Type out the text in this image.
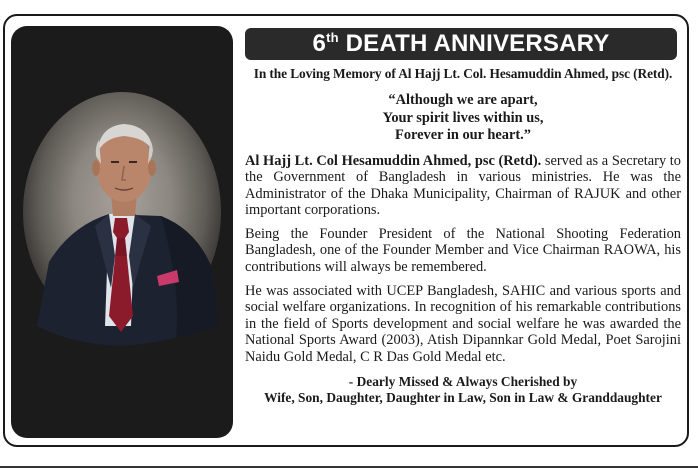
6th DEATH ANNIVERSARY

In the Loving Memory of Al Hajj Lt. Col. Hesamuddin Ahmed, psc (Retd).

“Although we are apart,
Your spirit lives within us,
Forever in our heart.”

Al Hajj Lt. Col Hesamuddin Ahmed, psc (Retd). served as a Secretary to the Government of Bangladesh in various ministries. He was the Administrator of the Dhaka Municipality, Chairman of RAJUK and other important corporations.

Being the Founder President of the National Shooting Federation Bangladesh, one of the Founder Member and Vice Chairman RAOWA, his contributions will always be remembered.

He was associated with UCEP Bangladesh, SAHIC and various sports and social welfare organizations. In recognition of his remarkable contributions in the field of Sports development and social welfare he was awarded the National Sports Award (2003), Atish Dipannkar Gold Medal, Poet Sarojini Naidu Gold Medal, C R Das Gold Medal etc.

- Dearly Missed & Always Cherished by
Wife, Son, Daughter, Daughter in Law, Son in Law & Granddaughter
